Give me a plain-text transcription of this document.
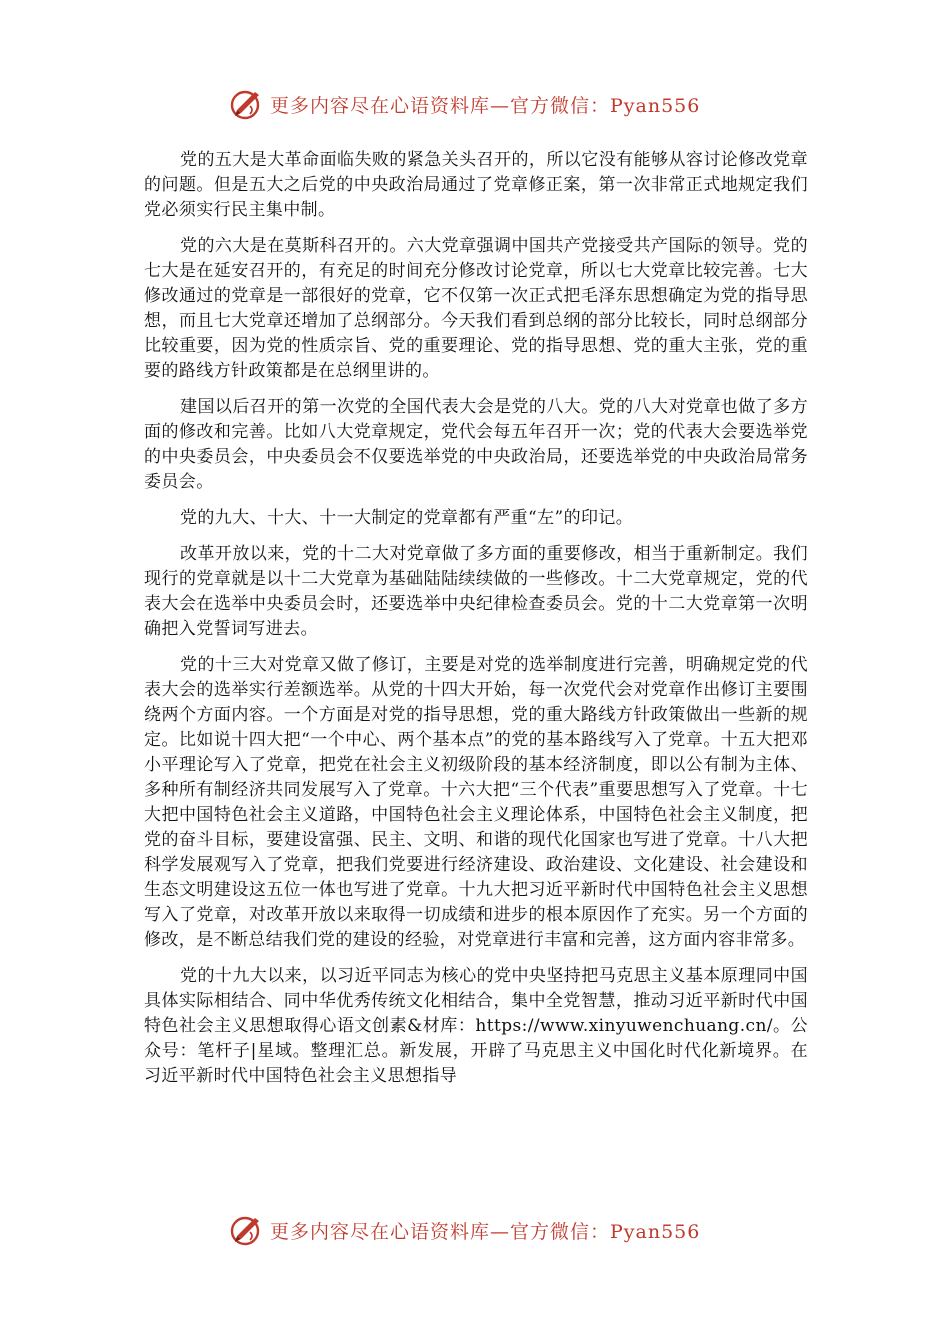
更多内容尽在心语资料库—官方微信：Pyan556

党的五大是大革命面临失败的紧急关头召开的，所以它没有能够从容讨论修改党章的问题。但是五大之后党的中央政治局通过了党章修正案，第一次非常正式地规定我们党必须实行民主集中制。

党的六大是在莫斯科召开的。六大党章强调中国共产党接受共产国际的领导。党的七大是在延安召开的，有充足的时间充分修改讨论党章，所以七大党章比较完善。七大修改通过的党章是一部很好的党章，它不仅第一次正式把毛泽东思想确定为党的指导思想，而且七大党章还增加了总纲部分。今天我们看到总纲的部分比较长，同时总纲部分比较重要，因为党的性质宗旨、党的重要理论、党的指导思想、党的重大主张，党的重要的路线方针政策都是在总纲里讲的。

建国以后召开的第一次党的全国代表大会是党的八大。党的八大对党章也做了多方面的修改和完善。比如八大党章规定，党代会每五年召开一次；党的代表大会要选举党的中央委员会，中央委员会不仅要选举党的中央政治局，还要选举党的中央政治局常务委员会。

党的九大、十大、十一大制定的党章都有严重“左”的印记。

改革开放以来，党的十二大对党章做了多方面的重要修改，相当于重新制定。我们现行的党章就是以十二大党章为基础陆陆续续做的一些修改。十二大党章规定，党的代表大会在选举中央委员会时，还要选举中央纪律检查委员会。党的十二大党章第一次明确把入党誓词写进去。

党的十三大对党章又做了修订，主要是对党的选举制度进行完善，明确规定党的代表大会的选举实行差额选举。从党的十四大开始，每一次党代会对党章作出修订主要围绕两个方面内容。一个方面是对党的指导思想，党的重大路线方针政策做出一些新的规定。比如说十四大把“一个中心、两个基本点”的党的基本路线写入了党章。十五大把邓小平理论写入了党章，把党在社会主义初级阶段的基本经济制度，即以公有制为主体、多种所有制经济共同发展写入了党章。十六大把“三个代表”重要思想写入了党章。十七大把中国特色社会主义道路，中国特色社会主义理论体系，中国特色社会主义制度，把党的奋斗目标，要建设富强、民主、文明、和谐的现代化国家也写进了党章。十八大把科学发展观写入了党章，把我们党要进行经济建设、政治建设、文化建设、社会建设和生态文明建设这五位一体也写进了党章。十九大把习近平新时代中国特色社会主义思想写入了党章，对改革开放以来取得一切成绩和进步的根本原因作了充实。另一个方面的修改，是不断总结我们党的建设的经验，对党章进行丰富和完善，这方面内容非常多。

党的十九大以来，以习近平同志为核心的党中央坚持把马克思主义基本原理同中国具体实际相结合、同中华优秀传统文化相结合，集中全党智慧，推动习近平新时代中国特色社会主义思想取得心语文创素&材库：https://www.xinyuwenchuang.cn/。公众号：笔杆子|星域。整理汇总。新发展，开辟了马克思主义中国化时代化新境界。在习近平新时代中国特色社会主义思想指导

更多内容尽在心语资料库—官方微信：Pyan556
